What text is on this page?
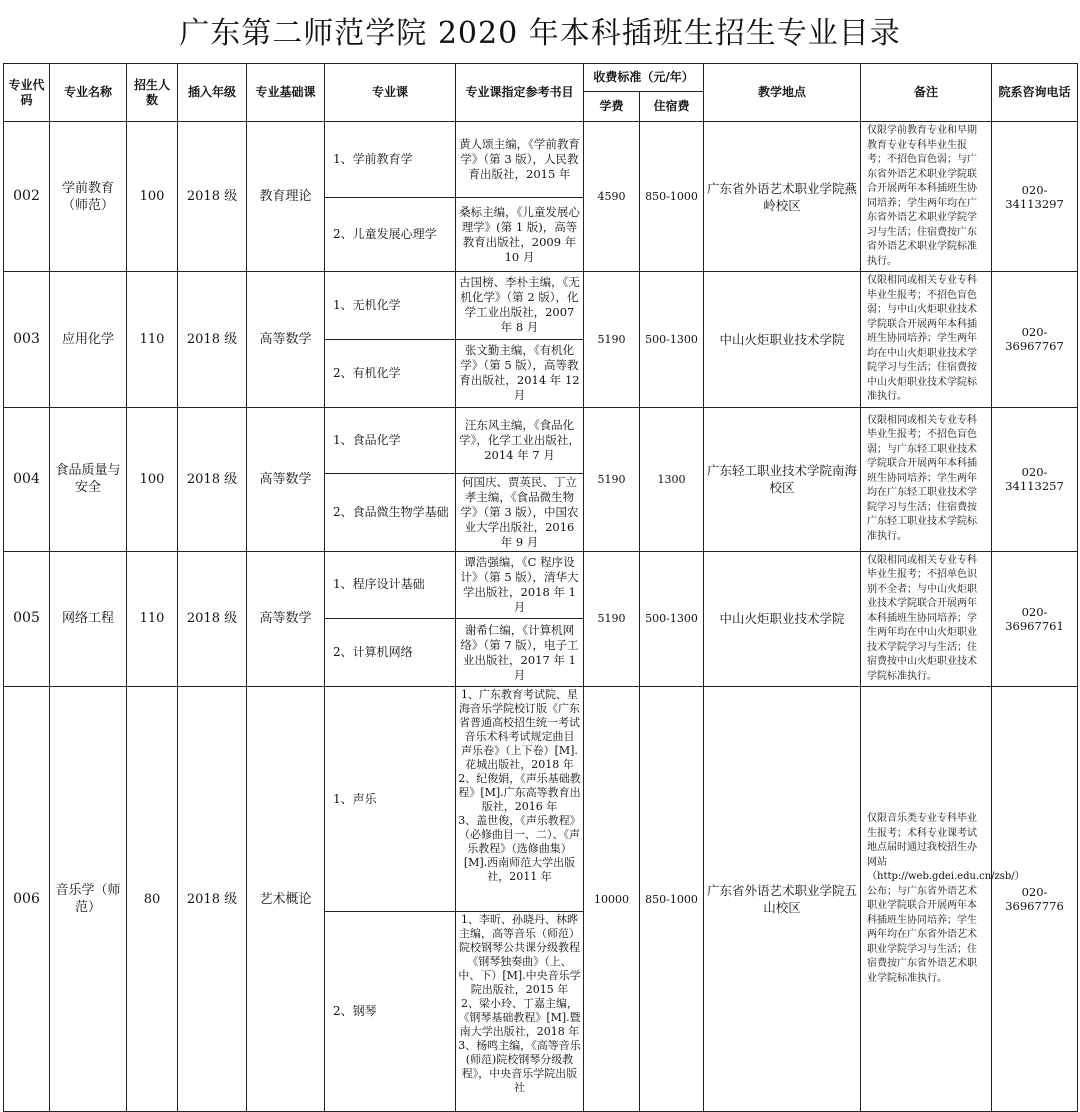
广东第二师范学院 2020 年本科插班生招生专业目录
专业代码	专业名称	招生人数	插入年级	专业基础课	专业课	专业课指定参考书目	收费标准（元/年）		教学地点	备注	院系咨询电话
							学费	住宿费			
002	学前教育（师范）	100	2018 级	教育理论	1、学前教育学	黄人颂主编，《学前教育学》（第 3 版），人民教育出版社，2015 年	4590	850-1000	广东省外语艺术职业学院燕岭校区	仅限学前教育专业和早期教育专业专科毕业生报考；不招色盲色弱；与广东省外语艺术职业学院联合开展两年本科插班生协同培养；学生两年均在广东省外语艺术职业学院学习与生活；住宿费按广东省外语艺术职业学院标准执行。	020-34113297
					2、儿童发展心理学	桑标主编，《儿童发展心理学》(第 1 版)，高等教育出版社，2009 年 10 月					
003	应用化学	110	2018 级	高等数学	1、无机化学	古国榜、李朴主编，《无机化学》（第 2 版），化学工业出版社，2007 年 8 月	5190	500-1300	中山火炬职业技术学院	仅限相同或相关专业专科毕业生报考；不招色盲色弱；与中山火炬职业技术学院联合开展两年本科插班生协同培养；学生两年均在中山火炬职业技术学院学习与生活；住宿费按中山火炬职业技术学院标准执行。	020-36967767
					2、有机化学	张文勤主编，《有机化学》（第 5 版），高等教育出版社，2014 年 12 月					
004	食品质量与安全	100	2018 级	高等数学	1、食品化学	汪东风主编，《食品化学》，化学工业出版社，2014 年 7 月	5190	1300	广东轻工职业技术学院南海校区	仅限相同或相关专业专科毕业生报考；不招色盲色弱；与广东轻工职业技术学院联合开展两年本科插班生协同培养；学生两年均在广东轻工职业技术学院学习与生活；住宿费按广东轻工职业技术学院标准执行。	020-34113257
					2、食品微生物学基础	何国庆、贾英民、丁立孝主编，《食品微生物学》（第 3 版），中国农业大学出版社，2016 年 9 月					
005	网络工程	110	2018 级	高等数学	1、程序设计基础	谭浩强编，《C 程序设计》（第 5 版），清华大学出版社，2018 年 1 月	5190	500-1300	中山火炬职业技术学院	仅限相同或相关专业专科毕业生报考；不招单色识别不全者；与中山火炬职业技术学院联合开展两年本科插班生协同培养；学生两年均在中山火炬职业技术学院学习与生活；住宿费按中山火炬职业技术学院标准执行。	020-36967761
					2、计算机网络	谢希仁编，《计算机网络》（第 7 版），电子工业出版社，2017 年 1 月					
006	音乐学（师范）	80	2018 级	艺术概论	1、声乐	1、广东教育考试院、星海音乐学院校订版《广东省普通高校招生统一考试音乐术科考试规定曲目 声乐卷》（上下卷）[M].花城出版社，2018 年
2、纪俊娟，《声乐基础教程》[M].广东高等教育出版社，2016 年
3、盖世俊，《声乐教程》（必修曲目一、二）、《声乐教程》（选修曲集）[M].西南师范大学出版社，2011 年	10000	850-1000	广东省外语艺术职业学院五山校区	仅限音乐类专业专科毕业生报考；术科专业课考试地点届时通过我校招生办网站（http://web.gdei.edu.cn/zsb/）公布；与广东省外语艺术职业学院联合开展两年本科插班生协同培养；学生两年均在广东省外语艺术职业学院学习与生活；住宿费按广东省外语艺术职业学院标准执行。	020-36967776
					2、钢琴	1、李昕、孙晓丹、林晔主编，高等音乐（师范）院校钢琴公共课分级教程《钢琴独奏曲》（上、中、下）[M].中央音乐学院出版社，2015 年
2、梁小玲、丁嘉主编，《钢琴基础教程》[M].暨南大学出版社，2018 年
3、杨鸣主编，《高等音乐(师范)院校钢琴分级教程》，中央音乐学院出版社					
